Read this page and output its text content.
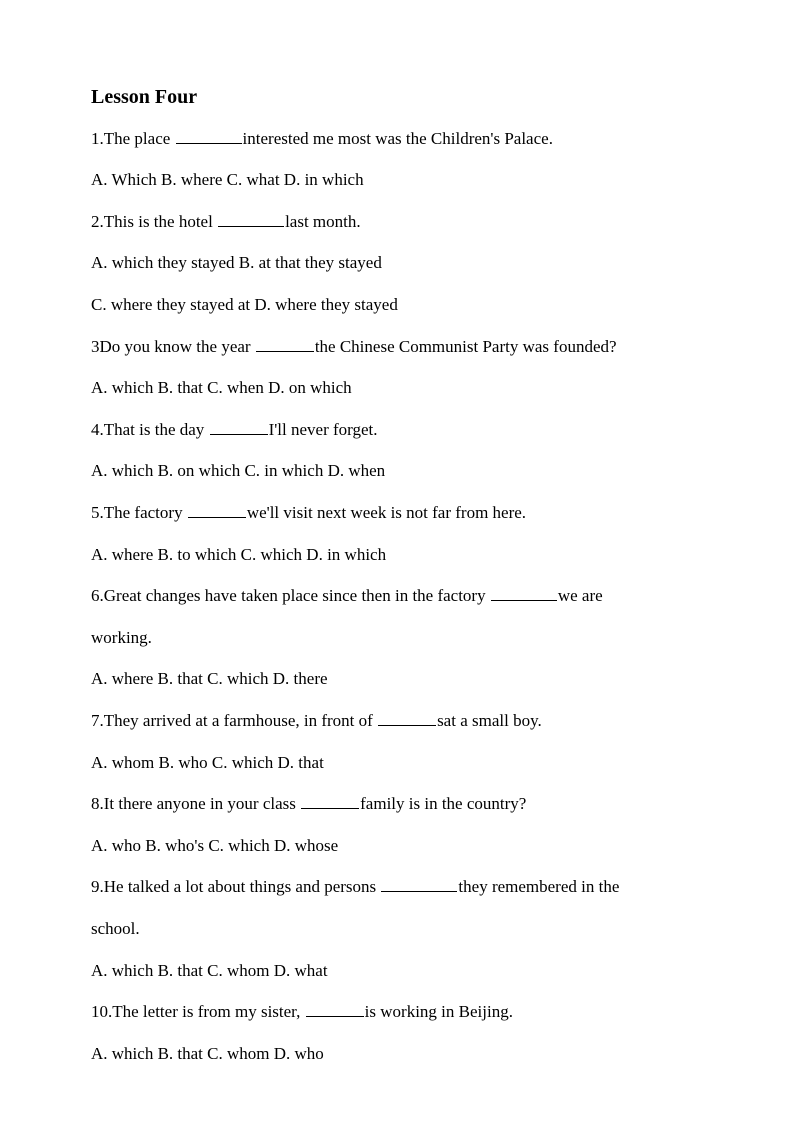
Lesson Four
1.The place	interested me most was the Children's Palace.
A. Which B. where C. what D. in which
2.This is the hotel	last month.
A. which they stayed B. at that they stayed
C. where they stayed at D. where they stayed
3Do you know the year	the Chinese Communist Party was founded?
A. which B. that C. when D. on which
4.That is the day	I'll never forget.
A. which B. on which C. in which D. when
5.The factory	we'll visit next week is not far from here.
A. where B. to which C. which D. in which
6.Great changes have taken place since then in the factory	we are
working.
A. where B. that C. which D. there
7.They arrived at a farmhouse, in front of	sat a small boy.
A. whom B. who C. which D. that
8.It there anyone in your class	family is in the country?
A. who B. who's C. which D. whose
9.He talked a lot about things and persons	they remembered in the
school.
A. which B. that C. whom D. what
10.The letter is from my sister,	is working in Beijing.
A. which B. that C. whom D. who
